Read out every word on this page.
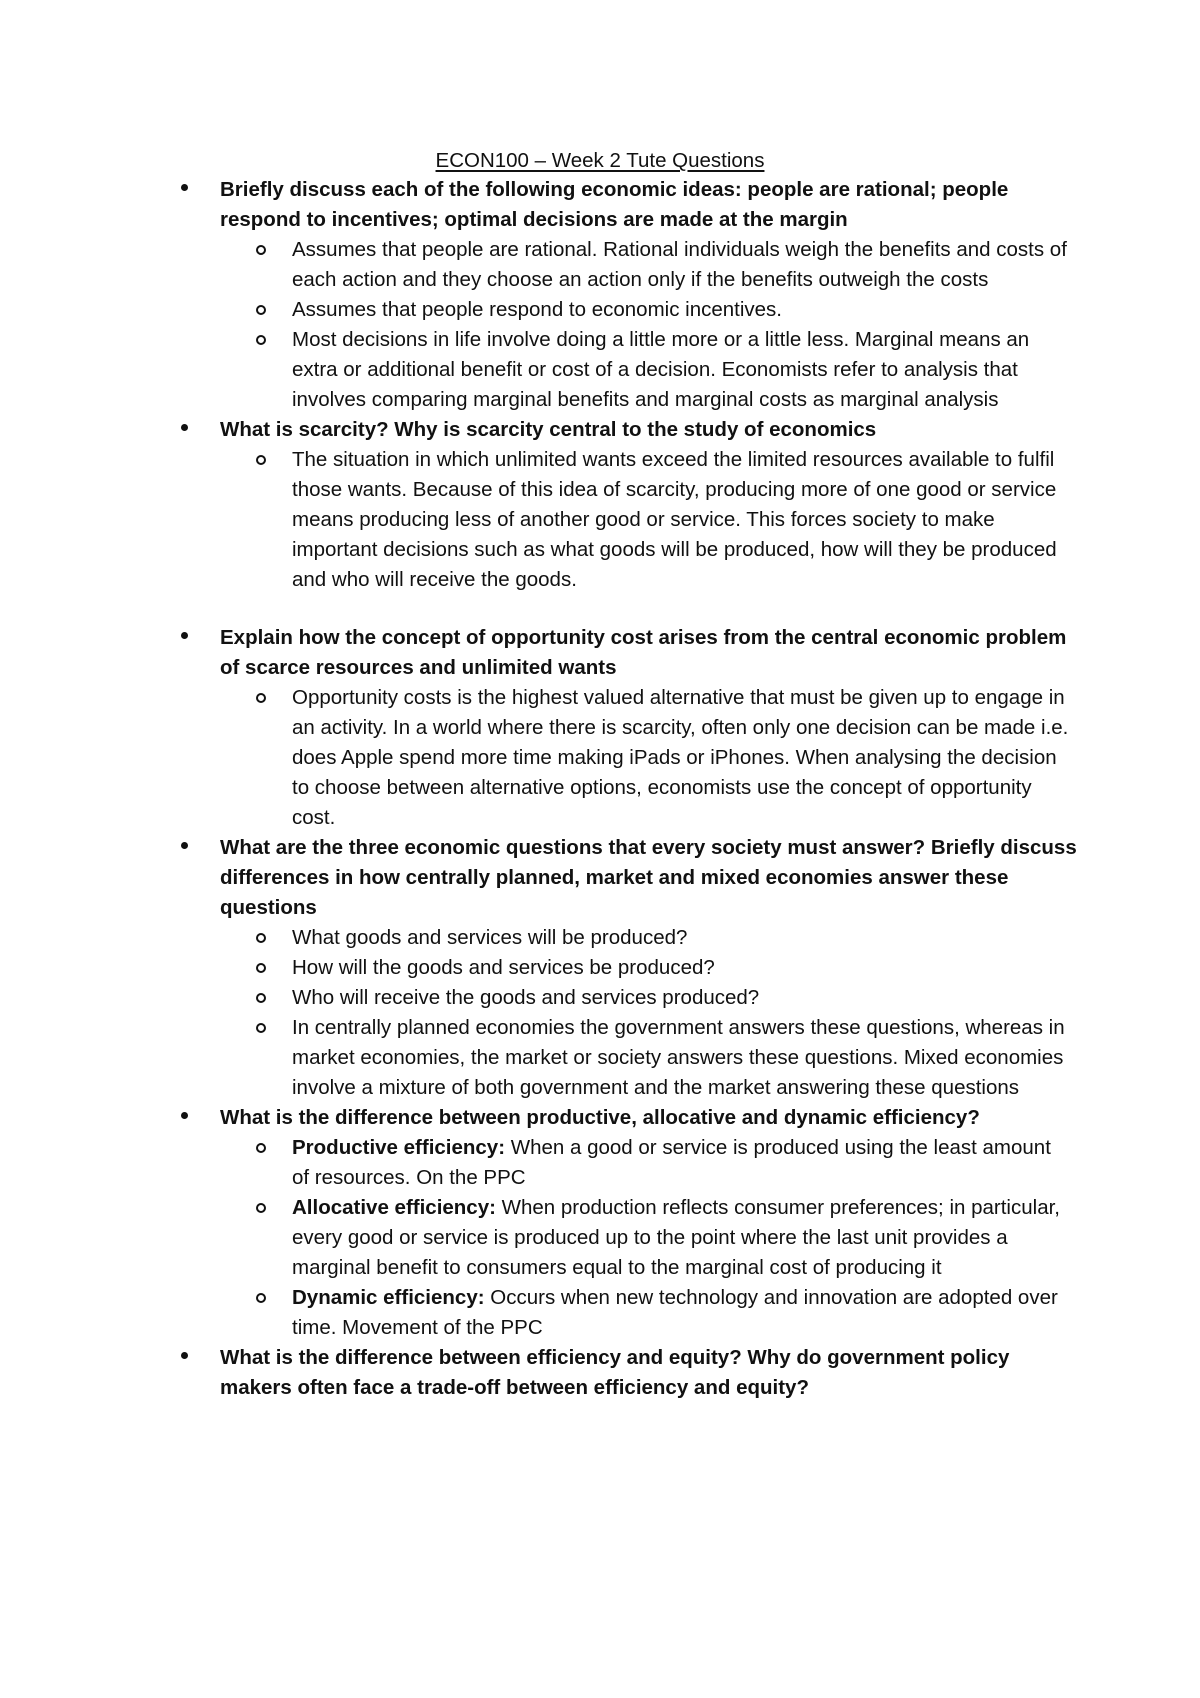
ECON100 – Week 2 Tute Questions
Briefly discuss each of the following economic ideas: people are rational; people respond to incentives; optimal decisions are made at the margin
Assumes that people are rational. Rational individuals weigh the benefits and costs of each action and they choose an action only if the benefits outweigh the costs
Assumes that people respond to economic incentives.
Most decisions in life involve doing a little more or a little less. Marginal means an extra or additional benefit or cost of a decision. Economists refer to analysis that involves comparing marginal benefits and marginal costs as marginal analysis
What is scarcity? Why is scarcity central to the study of economics
The situation in which unlimited wants exceed the limited resources available to fulfil those wants. Because of this idea of scarcity, producing more of one good or service means producing less of another good or service. This forces society to make important decisions such as what goods will be produced, how will they be produced and who will receive the goods.
Explain how the concept of opportunity cost arises from the central economic problem of scarce resources and unlimited wants
Opportunity costs is the highest valued alternative that must be given up to engage in an activity. In a world where there is scarcity, often only one decision can be made i.e. does Apple spend more time making iPads or iPhones. When analysing the decision to choose between alternative options, economists use the concept of opportunity cost.
What are the three economic questions that every society must answer? Briefly discuss differences in how centrally planned, market and mixed economies answer these questions
What goods and services will be produced?
How will the goods and services be produced?
Who will receive the goods and services produced?
In centrally planned economies the government answers these questions, whereas in market economies, the market or society answers these questions. Mixed economies involve a mixture of both government and the market answering these questions
What is the difference between productive, allocative and dynamic efficiency?
Productive efficiency: When a good or service is produced using the least amount of resources. On the PPC
Allocative efficiency: When production reflects consumer preferences; in particular, every good or service is produced up to the point where the last unit provides a marginal benefit to consumers equal to the marginal cost of producing it
Dynamic efficiency: Occurs when new technology and innovation are adopted over time. Movement of the PPC
What is the difference between efficiency and equity? Why do government policy makers often face a trade-off between efficiency and equity?
